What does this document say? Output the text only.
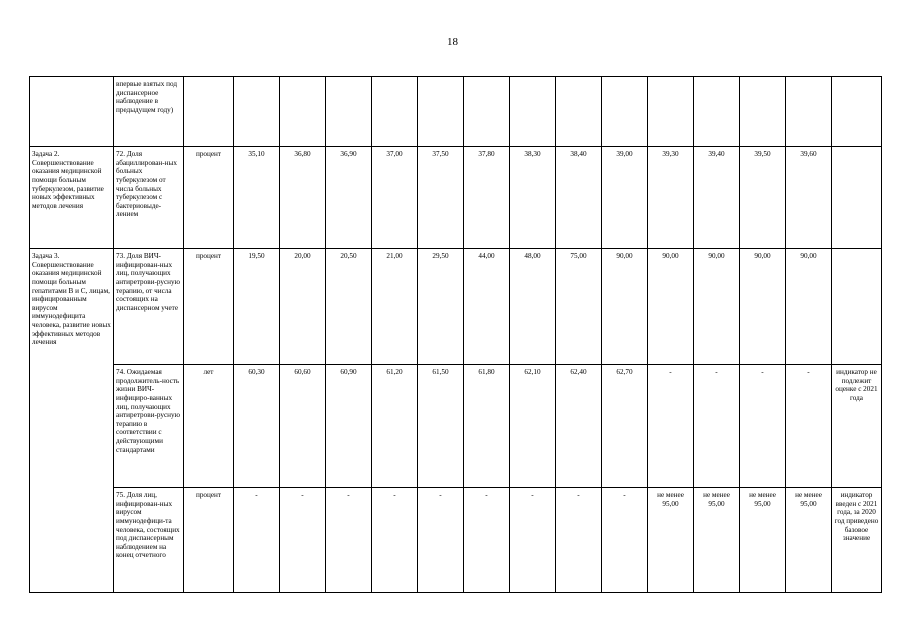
18
	впервые взятых под диспансерное наблюдение в предыдущем году)															
Задача 2. Совершенствование оказания медицинской помощи больным туберкулезом, развитие новых эффективных методов лечения	72. Доля абациллирован-ных больных туберкулезом от числа больных туберкулезом с бактериовыде-лением	процент	35,10	36,80	36,90	37,00	37,50	37,80	38,30	38,40	39,00	39,30	39,40	39,50	39,60	
Задача 3. Совершенствование оказания медицинской помощи больным гепатитами В и С, лицам, инфицированным вирусом иммунодефицита человека, развитие новых эффективных методов лечения	73. Доля ВИЧ-инфицирован-ных лиц, получающих антиретрови-русную терапию, от числа состоящих на диспансерном учете	процент	19,50	20,00	20,50	21,00	29,50	44,00	48,00	75,00	90,00	90,00	90,00	90,00	90,00	
	74. Ожидаемая продолжитель-ность жизни ВИЧ-инфициро-ванных лиц, получающих антиретрови-русную терапию в соответствии с действующими стандартами	лет	60,30	60,60	60,90	61,20	61,50	61,80	62,10	62,40	62,70	-	-	-	-	индикатор не подлежит оценке с 2021 года
	75. Доля лиц, инфицирован-ных вирусом иммунодефици-та человека, состоящих под диспансерным наблюдением на конец отчетного	процент	-	-	-	-	-	-	-	-	-	не менее 95,00	не менее 95,00	не менее 95,00	не менее 95,00	индикатор введен с 2021 года, за 2020 год приведено базовое значение
